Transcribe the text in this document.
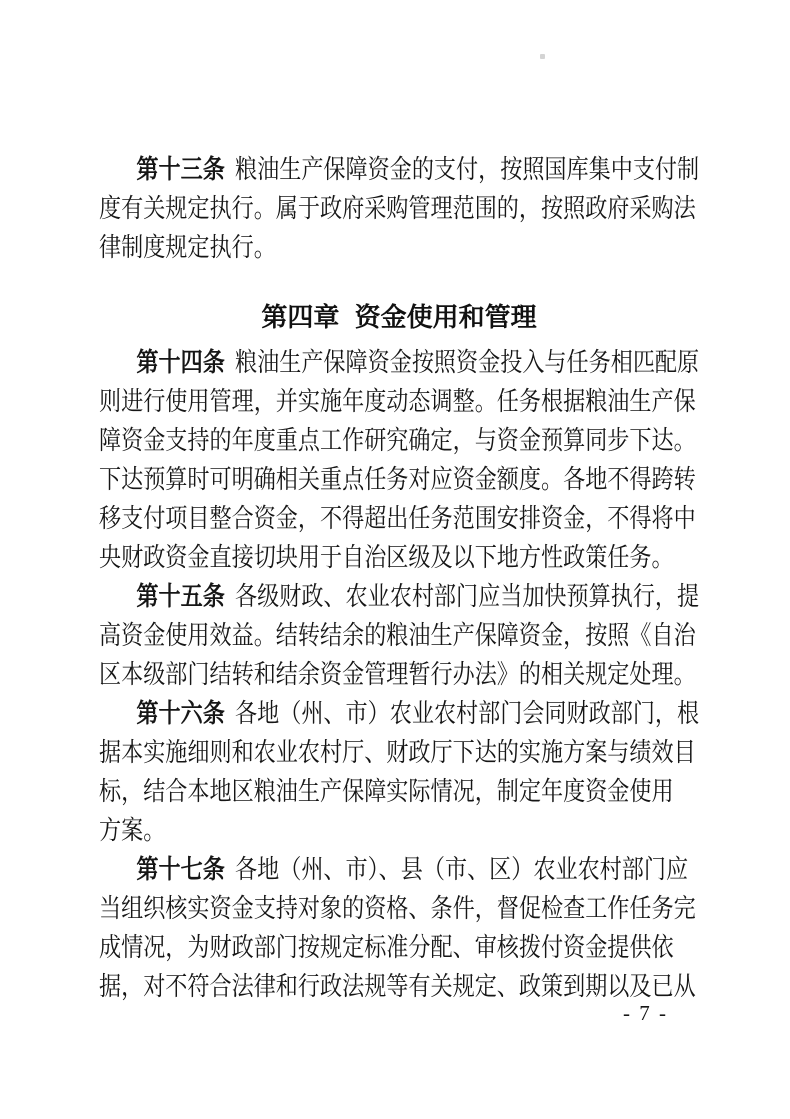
第十三条 粮油生产保障资金的支付，按照国库集中支付制
度有关规定执行。属于政府采购管理范围的，按照政府采购法
律制度规定执行。
第四章 资金使用和管理
第十四条 粮油生产保障资金按照资金投入与任务相匹配原
则进行使用管理，并实施年度动态调整。任务根据粮油生产保
障资金支持的年度重点工作研究确定，与资金预算同步下达。
下达预算时可明确相关重点任务对应资金额度。各地不得跨转
移支付项目整合资金，不得超出任务范围安排资金，不得将中
央财政资金直接切块用于自治区级及以下地方性政策任务。
第十五条 各级财政、农业农村部门应当加快预算执行，提
高资金使用效益。结转结余的粮油生产保障资金，按照《自治
区本级部门结转和结余资金管理暂行办法》的相关规定处理。
第十六条 各地（州、市）农业农村部门会同财政部门，根
据本实施细则和农业农村厅、财政厅下达的实施方案与绩效目
标，结合本地区粮油生产保障实际情况，制定年度资金使用
方案。
第十七条 各地（州、市）、县（市、区）农业农村部门应
当组织核实资金支持对象的资格、条件，督促检查工作任务完
成情况，为财政部门按规定标准分配、审核拨付资金提供依
据，对不符合法律和行政法规等有关规定、政策到期以及已从
- 7 -
